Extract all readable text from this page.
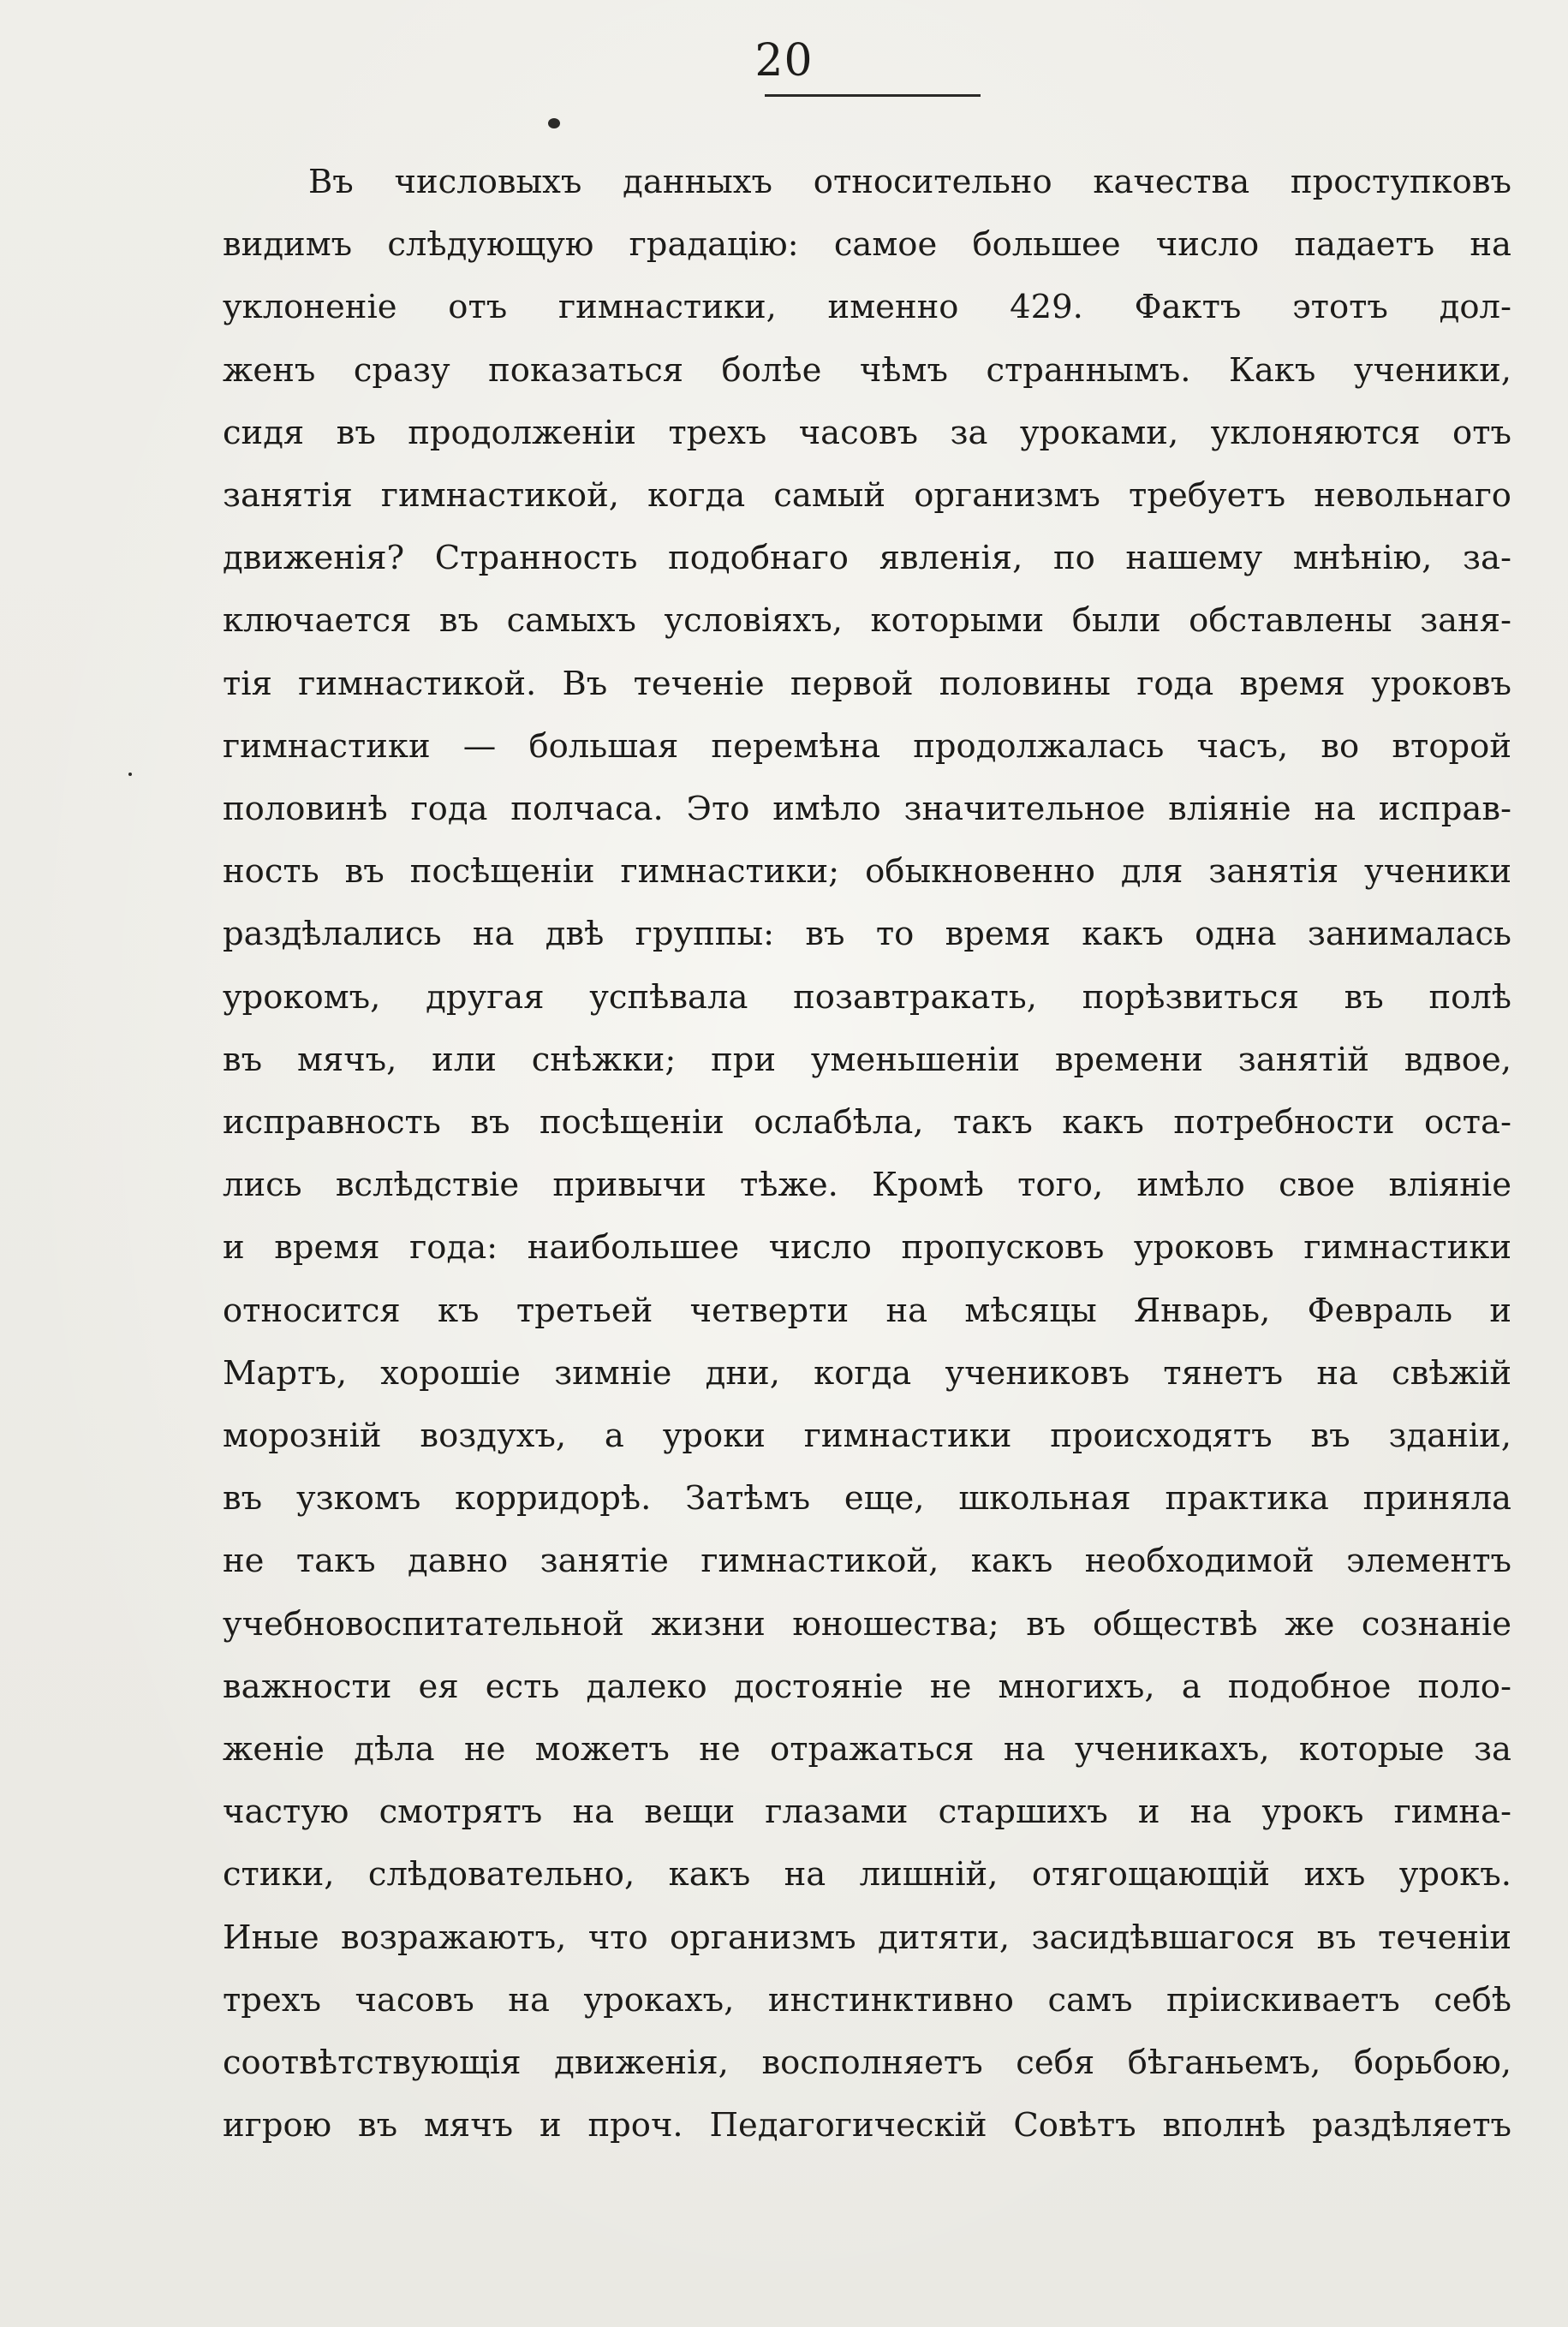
20
Въ числовыхъ данныхъ относительно качества проступковъ
видимъ слѣдующую градацію: самое большее число падаетъ на
уклоненіе отъ гимнастики, именно 429. Фактъ этотъ дол-
женъ сразу показаться болѣе чѣмъ страннымъ. Какъ ученики,
сидя въ продолженіи трехъ часовъ за уроками, уклоняются отъ
занятія гимнастикой, когда самый организмъ требуетъ невольнаго
движенія? Странность подобнаго явленія, по нашему мнѣнію, за-
ключается въ самыхъ условіяхъ, которыми были обставлены заня-
тія гимнастикой. Въ теченіе первой половины года время уроковъ
гимнастики — большая перемѣна продолжалась часъ, во второй
половинѣ года полчаса. Это имѣло значительное вліяніе на исправ-
ность въ посѣщеніи гимнастики; обыкновенно для занятія ученики
раздѣлались на двѣ группы: въ то время какъ одна занималась
урокомъ, другая успѣвала позавтракать, порѣзвиться въ полѣ
въ мячъ, или снѣжки; при уменьшеніи времени занятій вдвое,
исправность въ посѣщеніи ослабѣла, такъ какъ потребности оста-
лись вслѣдствіе привычи тѣже. Кромѣ того, имѣло свое вліяніе
и время года: наибольшее число пропусковъ уроковъ гимнастики
относится къ третьей четверти на мѣсяцы Январь, Февраль и
Мартъ, хорошіе зимніе дни, когда учениковъ тянетъ на свѣжій
морозній воздухъ, а уроки гимнастики происходятъ въ зданіи,
въ узкомъ корридорѣ. Затѣмъ еще, школьная практика приняла
не такъ давно занятіе гимнастикой, какъ необходимой элементъ
учебновоспитательной жизни юношества; въ обществѣ же сознаніе
важности ея есть далеко достояніе не многихъ, а подобное поло-
женіе дѣла не можетъ не отражаться на ученикахъ, которые за
частую смотрятъ на вещи глазами старшихъ и на урокъ гимна-
стики, слѣдовательно, какъ на лишній, отягощающій ихъ урокъ.
Иные возражаютъ, что организмъ дитяти, засидѣвшагося въ теченіи
трехъ часовъ на урокахъ, инстинктивно самъ пріискиваетъ себѣ
соотвѣтствующія движенія, восполняетъ себя бѣганьемъ, борьбою,
игрою въ мячъ и проч. Педагогическій Совѣтъ вполнѣ раздѣляетъ
